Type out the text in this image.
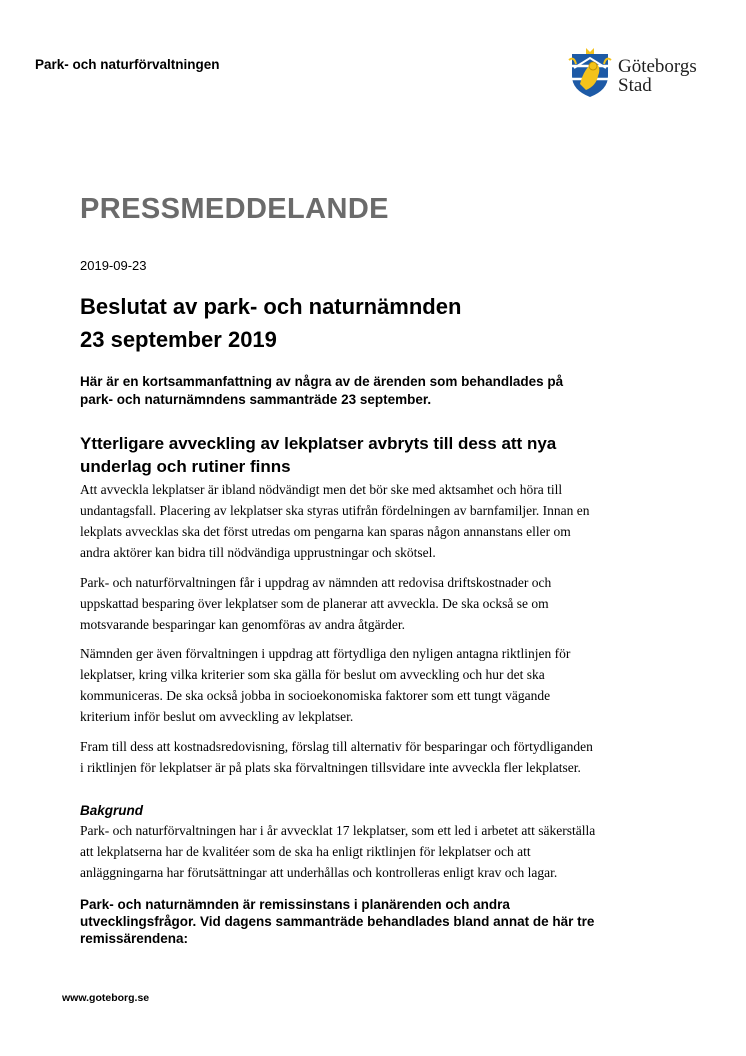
Park- och naturförvaltningen	Göteborgs
Stad
PRESSMEDDELANDE
2019-09-23
Beslutat av park- och naturnämnden
23 september 2019
Här är en kortsammanfattning av några av de ärenden som behandlades på
park- och naturnämndens sammanträde 23 september.
Ytterligare avveckling av lekplatser avbryts till dess att nya
underlag och rutiner finns
Att avveckla lekplatser är ibland nödvändigt men det bör ske med aktsamhet och höra till
undantagsfall. Placering av lekplatser ska styras utifrån fördelningen av barnfamiljer. Innan en
lekplats avvecklas ska det först utredas om pengarna kan sparas någon annanstans eller om
andra aktörer kan bidra till nödvändiga upprustningar och skötsel.
Park- och naturförvaltningen får i uppdrag av nämnden att redovisa driftskostnader och
uppskattad besparing över lekplatser som de planerar att avveckla. De ska också se om
motsvarande besparingar kan genomföras av andra åtgärder.
Nämnden ger även förvaltningen i uppdrag att förtydliga den nyligen antagna riktlinjen för
lekplatser, kring vilka kriterier som ska gälla för beslut om avveckling och hur det ska
kommuniceras. De ska också jobba in socioekonomiska faktorer som ett tungt vägande
kriterium inför beslut om avveckling av lekplatser.
Fram till dess att kostnadsredovisning, förslag till alternativ för besparingar och förtydliganden
i riktlinjen för lekplatser är på plats ska förvaltningen tillsvidare inte avveckla fler lekplatser.
Bakgrund
Park- och naturförvaltningen har i år avvecklat 17 lekplatser, som ett led i arbetet att säkerställa
att lekplatserna har de kvalitéer som de ska ha enligt riktlinjen för lekplatser och att
anläggningarna har förutsättningar att underhållas och kontrolleras enligt krav och lagar.
Park- och naturnämnden är remissinstans i planärenden och andra
utvecklingsfrågor. Vid dagens sammanträde behandlades bland annat de här tre
remissärendena:
www.goteborg.se
